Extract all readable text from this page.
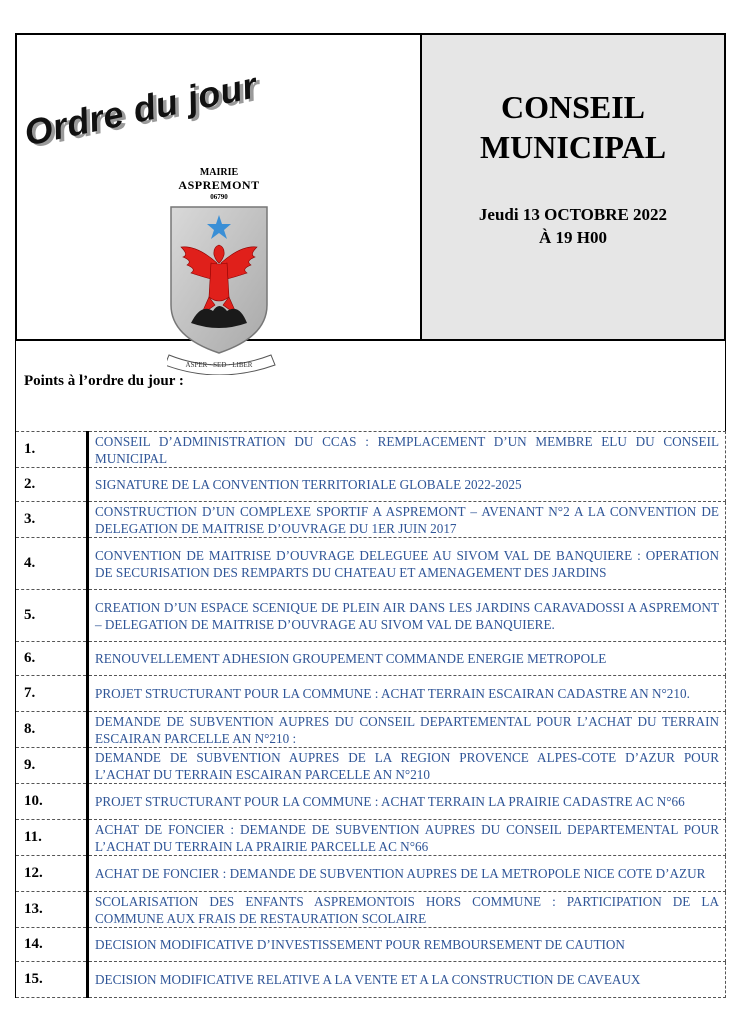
Ordre du jour
MAIRIE
ASPREMONT
06790
ASPER · SED · LIBER
CONSEIL
MUNICIPAL
Jeudi 13 OCTOBRE 2022
À 19 H00
Points à l’ordre du jour :
1.	CONSEIL D’ADMINISTRATION DU CCAS : REMPLACEMENT D’UN MEMBRE ELU DU CONSEIL MUNICIPAL
2.	SIGNATURE DE LA CONVENTION TERRITORIALE GLOBALE 2022-2025
3.	CONSTRUCTION D’UN COMPLEXE SPORTIF A ASPREMONT – AVENANT N°2 A LA CONVENTION DE DELEGATION DE MAITRISE D’OUVRAGE DU 1ER JUIN 2017
4.	CONVENTION DE MAITRISE D’OUVRAGE DELEGUEE AU SIVOM VAL DE BANQUIERE : OPERATION DE SECURISATION DES REMPARTS DU CHATEAU ET AMENAGEMENT DES JARDINS
5.	CREATION D’UN ESPACE SCENIQUE DE PLEIN AIR DANS LES JARDINS CARAVADOSSI A ASPREMONT – DELEGATION DE MAITRISE D’OUVRAGE AU SIVOM VAL DE BANQUIERE.
6.	RENOUVELLEMENT ADHESION GROUPEMENT COMMANDE ENERGIE METROPOLE
7.	PROJET STRUCTURANT POUR LA COMMUNE : ACHAT TERRAIN ESCAIRAN CADASTRE AN N°210.
8.	DEMANDE DE SUBVENTION AUPRES DU CONSEIL DEPARTEMENTAL POUR L’ACHAT DU TERRAIN ESCAIRAN PARCELLE AN N°210 :
9.	DEMANDE DE SUBVENTION AUPRES DE LA REGION PROVENCE ALPES-COTE D’AZUR POUR L’ACHAT DU TERRAIN ESCAIRAN PARCELLE AN N°210
10.	PROJET STRUCTURANT POUR LA COMMUNE : ACHAT TERRAIN LA PRAIRIE CADASTRE AC N°66
11.	ACHAT DE FONCIER : DEMANDE DE SUBVENTION AUPRES DU CONSEIL DEPARTEMENTAL POUR L’ACHAT DU TERRAIN LA PRAIRIE PARCELLE AC N°66
12.	ACHAT DE FONCIER : DEMANDE DE SUBVENTION AUPRES DE LA METROPOLE NICE COTE D’AZUR
13.	SCOLARISATION DES ENFANTS ASPREMONTOIS HORS COMMUNE : PARTICIPATION DE LA COMMUNE AUX FRAIS DE RESTAURATION SCOLAIRE
14.	DECISION MODIFICATIVE D’INVESTISSEMENT POUR REMBOURSEMENT DE CAUTION
15.	DECISION MODIFICATIVE RELATIVE A LA VENTE ET A LA CONSTRUCTION DE CAVEAUX
